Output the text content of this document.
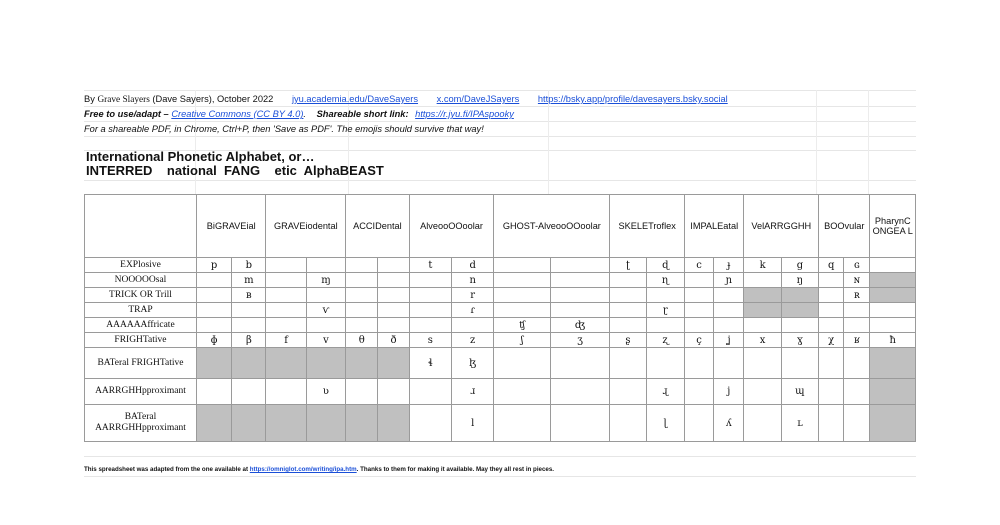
By Grave Slayers (Dave Sayers), October 2022 jyu.academia.edu/DaveSayers x.com/DaveJSayers https://bsky.app/profile/davesayers.bsky.social
Free to use/adapt – Creative Commons (CC BY 4.0). Shareable short link: https://r.jyu.fi/IPAspooky
For a shareable PDF, in Chrome, Ctrl+P, then 'Save as PDF'. The emojis should survive that way!
International Phonetic Alphabet, or…
INTERRED    national  FANG    etic  AlphaBEAST
	BiGRAVEial		GRAVEiodental		ACCIDental		AlveooOOoolar		GHOST-AlveooOOoolar		SKELETroflex		IMPALEatal		VelARRGGHH		BOOvular		PharynC ONGEA L
EXPlosive	p	b					t	d			ʈ	ɖ	c	ɟ	k	g	q	ɢ	
NOOOOOsal		m		ɱ				n				ɳ		ɲ		ŋ		ɴ	
TRICK OR Trill		ʙ						r										ʀ	
TRAP				ⱱ				ɾ				ɽ							
AAAAAAffricate									ʧ	ʤ									
FRIGHTative	ɸ	β	f	v	θ	ð	s	z	ʃ	ʒ	ʂ	ʐ	ç	ʝ	x	ɣ	χ	ʁ	ħ
BATeral FRIGHTative							ɬ	ɮ											
AARRGHHpproximant				ʋ				ɹ				ɻ		j		ɰ			
BATeral AARRGHHpproximant								l				ɭ		ʎ		ʟ			
This spreadsheet was adapted from the one available at https://omniglot.com/writing/ipa.htm. Thanks to them for making it available. May they all rest in pieces.
